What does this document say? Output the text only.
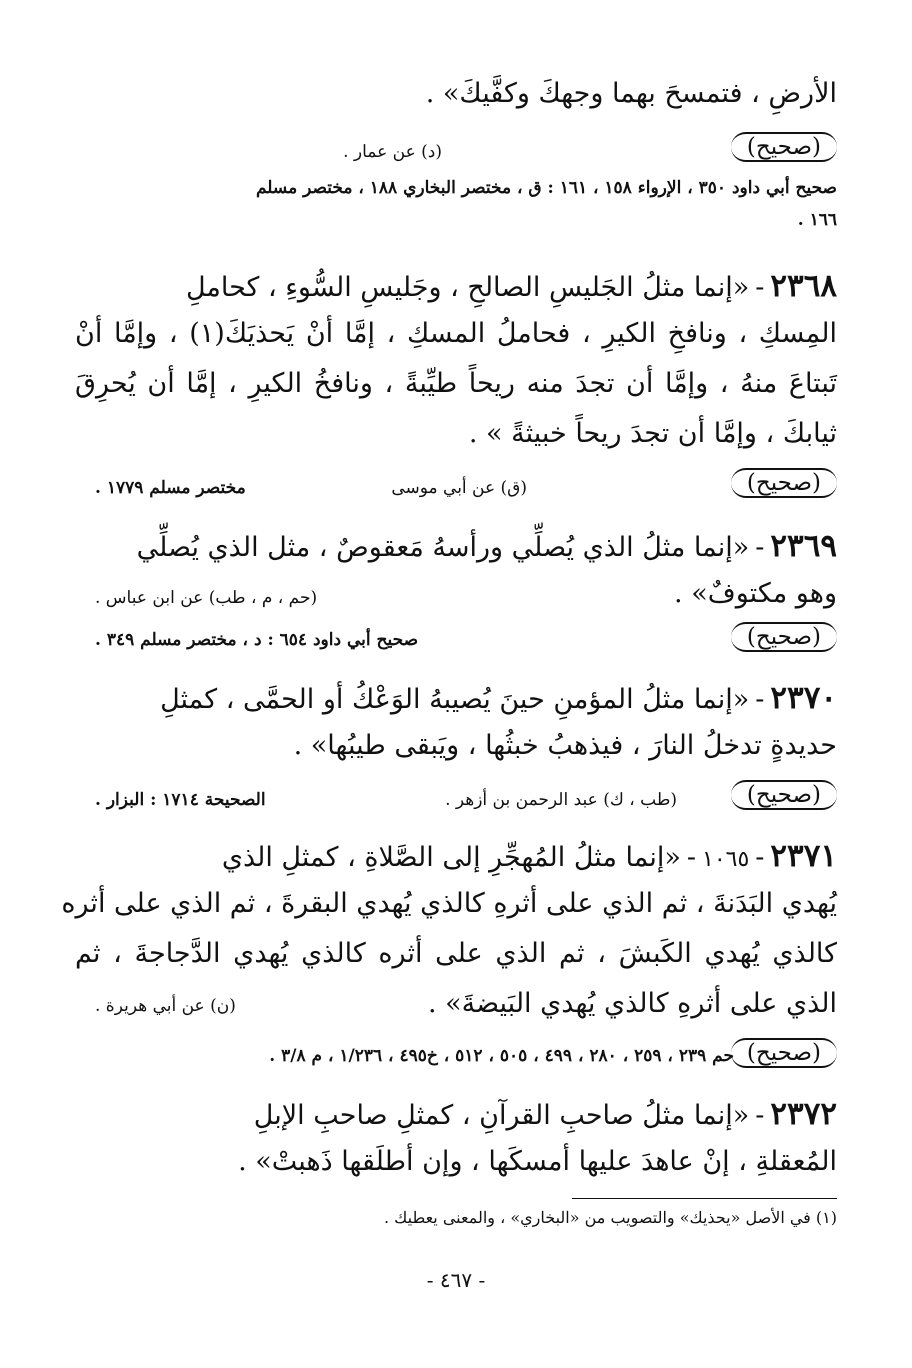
الأرضِ ، فتمسحَ بهما وجهكَ وكفَّيكَ» .
( صحيح )
(د) عن عمار .
صحيح أبي داود ٣٥٠ ، الإرواء ١٥٨ ، ١٦١ : ق ، مختصر البخاري ١٨٨ ، مختصر مسلم
١٦٦ .
٢٣٦٨
-
«إنما مثلُ الجَليسِ الصالحِ ، وجَليسِ السُّوءِ ، كحاملِ
المِسكِ ، ونافخِ الكيرِ ، فحاملُ المسكِ ، إمَّا أنْ يَحذيَكَ(١) ، وإمَّا أنْ
تَبتاعَ منهُ ، وإمَّا أن تجدَ منه ريحاً طيِّبةً ، ونافخُ الكيرِ ، إمَّا أن يُحرِقَ
ثيابكَ ، وإمَّا أن تجدَ ريحاً خبيثةً » .
( صحيح )
(ق) عن أبي موسى
مختصر مسلم ١٧٧٩ .
٢٣٦٩
-
«إنما مثلُ الذي يُصلِّي ورأسهُ مَعقوصٌ ، مثل الذي يُصلِّي
وهو مكتوفٌ» .
(حم ، م ، طب) عن ابن عباس .
( صحيح )
صحيح أبي داود ٦٥٤ : د ، مختصر مسلم ٣٤٩ .
٢٣٧٠
-
«إنما مثلُ المؤمنِ حينَ يُصيبهُ الوَعْكُ أو الحمَّى ، كمثلِ
حديدةٍ تدخلُ النارَ ، فيذهبُ خبثُها ، ويَبقى طيبُها» .
( صحيح )
(طب ، ك) عبد الرحمن بن أزهر .
الصحيحة ١٧١٤ : البزار .
٢٣٧١
-
١٠٦٥
-
«إنما مثلُ المُهجِّرِ إلى الصَّلاةِ ، كمثلِ الذي
يُهدي البَدَنةَ ، ثم الذي على أثرهِ كالذي يُهدي البقرةَ ، ثم الذي على أثره
كالذي يُهدي الكَبشَ ، ثم الذي على أثره كالذي يُهدي الدَّجاجةَ ، ثم
الذي على أثرهِ كالذي يُهدي البَيضةَ» .
(ن) عن أبي هريرة .
( صحيح )
حم ٢٣٩ ، ٢٥٩ ، ٢٨٠ ، ٤٩٩ ، ٥٠٥ ، ٥١٢ ، خ٤٩٥ ، ١/٢٣٦ ، م ٣/٨ .
٢٣٧٢
-
«إنما مثلُ صاحبِ القرآنِ ، كمثلِ صاحبِ الإبلِ
المُعقلةِ ، إنْ عاهدَ عليها أمسكَها ، وإن أطلَقها ذَهبتْ» .
(١) في الأصل «يحذيك» والتصويب من «البخاري» ، والمعنى يعطيك .
- ٤٦٧ -
